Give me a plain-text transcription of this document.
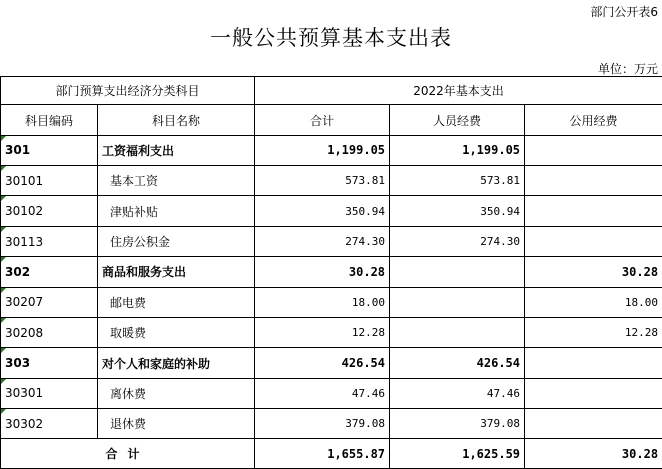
部门公开表6
一般公共预算基本支出表
单位：万元
部门预算支出经济分类科目		2022年基本支出		
科目编码	科目名称	合计	人员经费	公用经费

301	工资福利支出	1,199.05	1,199.05	

30101	基本工资	573.81	573.81	

30102	津贴补贴	350.94	350.94	

30113	住房公积金	274.30	274.30	

302	商品和服务支出	30.28		30.28

30207	邮电费	18.00		18.00

30208	取暖费	12.28		12.28

303	对个人和家庭的补助	426.54	426.54	

30301	离休费	47.46	47.46	

30302	退休费	379.08	379.08	
合计		1,655.87	1,625.59	30.28
